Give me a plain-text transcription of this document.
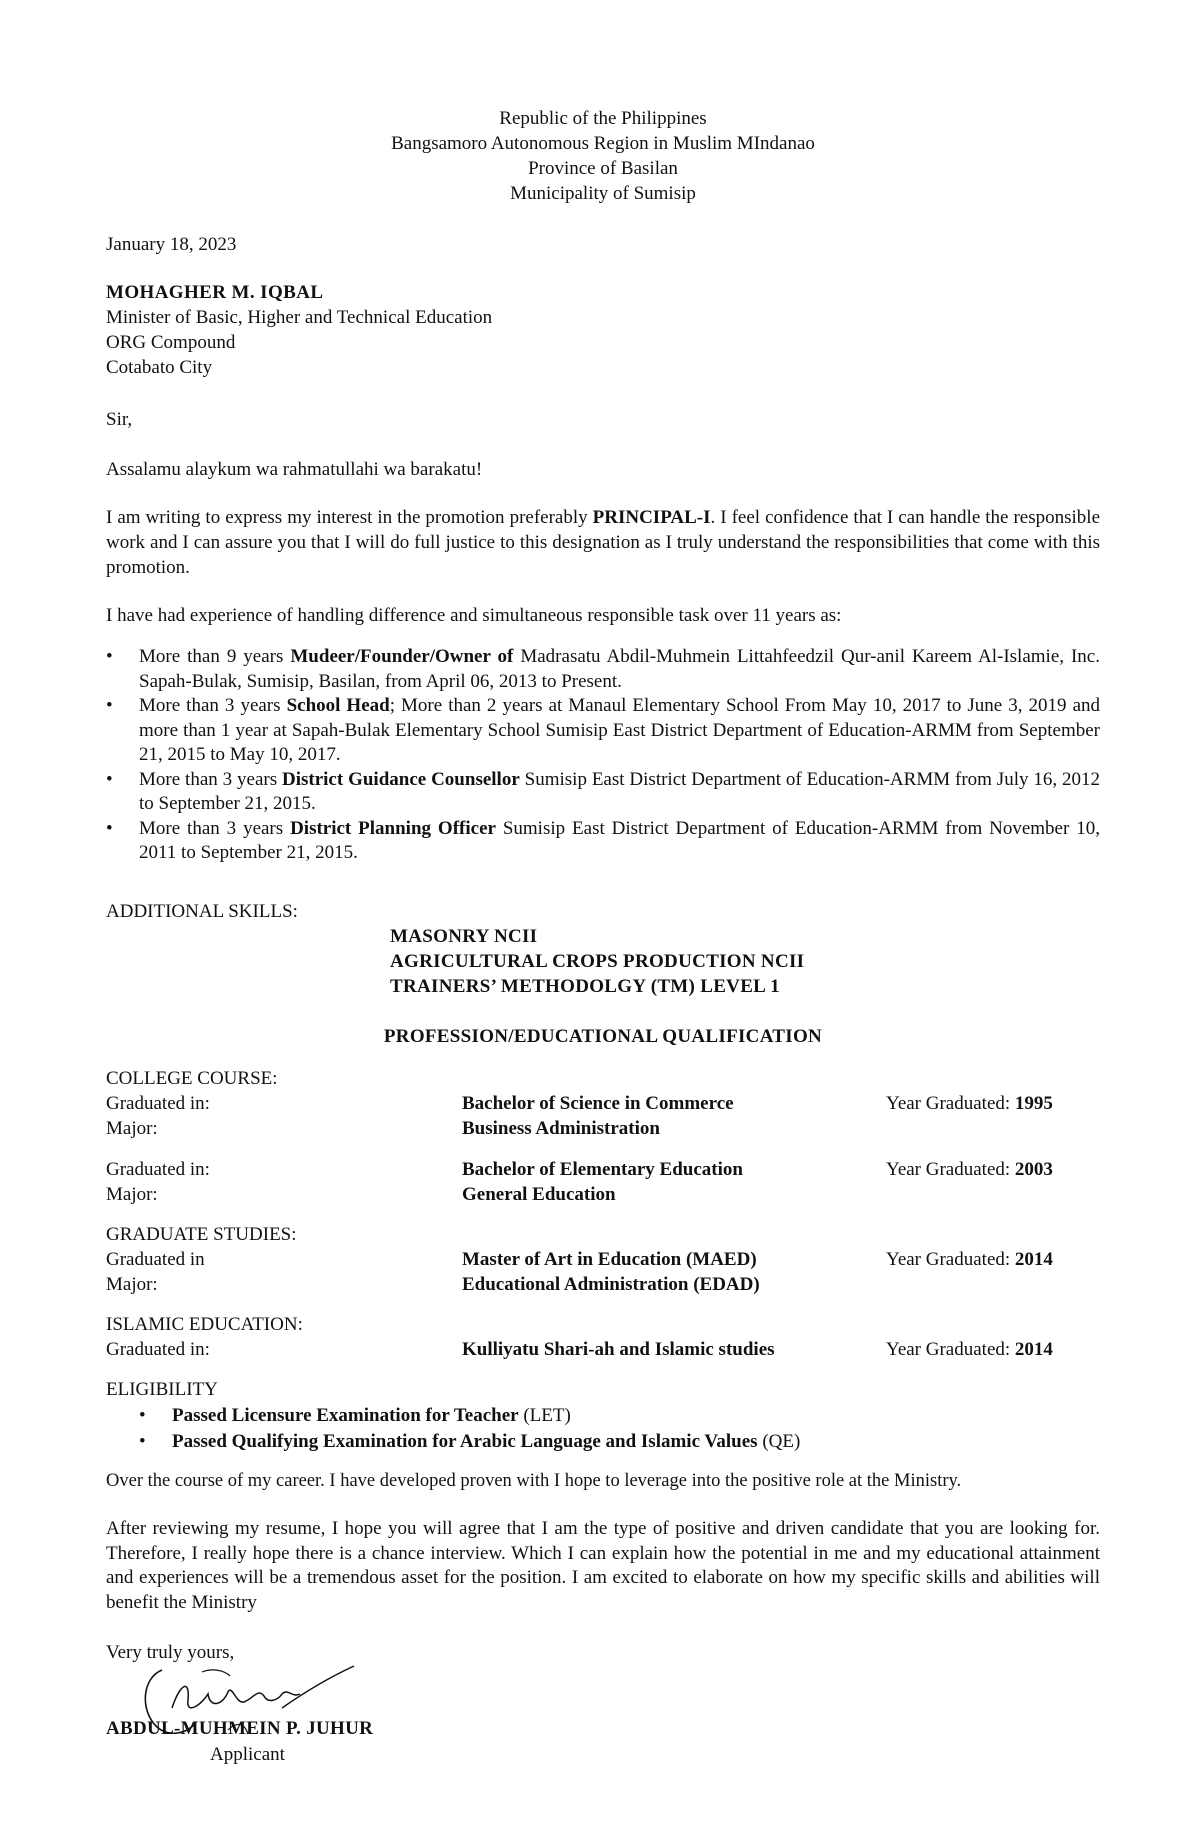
Republic of the Philippines
Bangsamoro Autonomous Region in Muslim MIndanao
Province of Basilan
Municipality of Sumisip
January 18, 2023
MOHAGHER M. IQBAL
Minister of Basic, Higher and Technical Education
ORG Compound
Cotabato City
Sir,
Assalamu alaykum wa rahmatullahi wa barakatu!
I am writing to express my interest in the promotion preferably PRINCIPAL-I. I feel confidence that I can handle the responsible work and I can assure you that I will do full justice to this designation as I truly understand the responsibilities that come with this promotion.
I have had experience of handling difference and simultaneous responsible task over 11 years as:
• More than 9 years Mudeer/Founder/Owner of Madrasatu Abdil-Muhmein Littahfeedzil Qur-anil Kareem Al-Islamie, Inc. Sapah-Bulak, Sumisip, Basilan, from April 06, 2013 to Present.
• More than 3 years School Head; More than 2 years at Manaul Elementary School From May 10, 2017 to June 3, 2019 and more than 1 year at Sapah-Bulak Elementary School Sumisip East District Department of Education-ARMM from September 21, 2015 to May 10, 2017.
• More than 3 years District Guidance Counsellor Sumisip East District Department of Education-ARMM from July 16, 2012 to September 21, 2015.
• More than 3 years District Planning Officer Sumisip East District Department of Education-ARMM from November 10, 2011 to September 21, 2015.
ADDITIONAL SKILLS:
MASONRY NCII
AGRICULTURAL CROPS PRODUCTION NCII
TRAINERS’ METHODOLGY (TM) LEVEL 1
PROFESSION/EDUCATIONAL QUALIFICATION
COLLEGE COURSE:
Graduated in:	Bachelor of Science in Commerce	Year Graduated: 1995
Major:	Business Administration
Graduated in:	Bachelor of Elementary Education	Year Graduated: 2003
Major:	General Education
GRADUATE STUDIES:
Graduated in	Master of Art in Education (MAED)	Year Graduated: 2014
Major:	Educational Administration (EDAD)
ISLAMIC EDUCATION:
Graduated in:	Kulliyatu Shari-ah and Islamic studies	Year Graduated: 2014
ELIGIBILITY
• Passed Licensure Examination for Teacher (LET)
• Passed Qualifying Examination for Arabic Language and Islamic Values (QE)
Over the course of my career. I have developed proven with I hope to leverage into the positive role at the Ministry.
After reviewing my resume, I hope you will agree that I am the type of positive and driven candidate that you are looking for. Therefore, I really hope there is a chance interview. Which I can explain how the potential in me and my educational attainment and experiences will be a tremendous asset for the position. I am excited to elaborate on how my specific skills and abilities will benefit the Ministry
Very truly yours,
ABDUL-MUHMEIN P. JUHUR
Applicant
